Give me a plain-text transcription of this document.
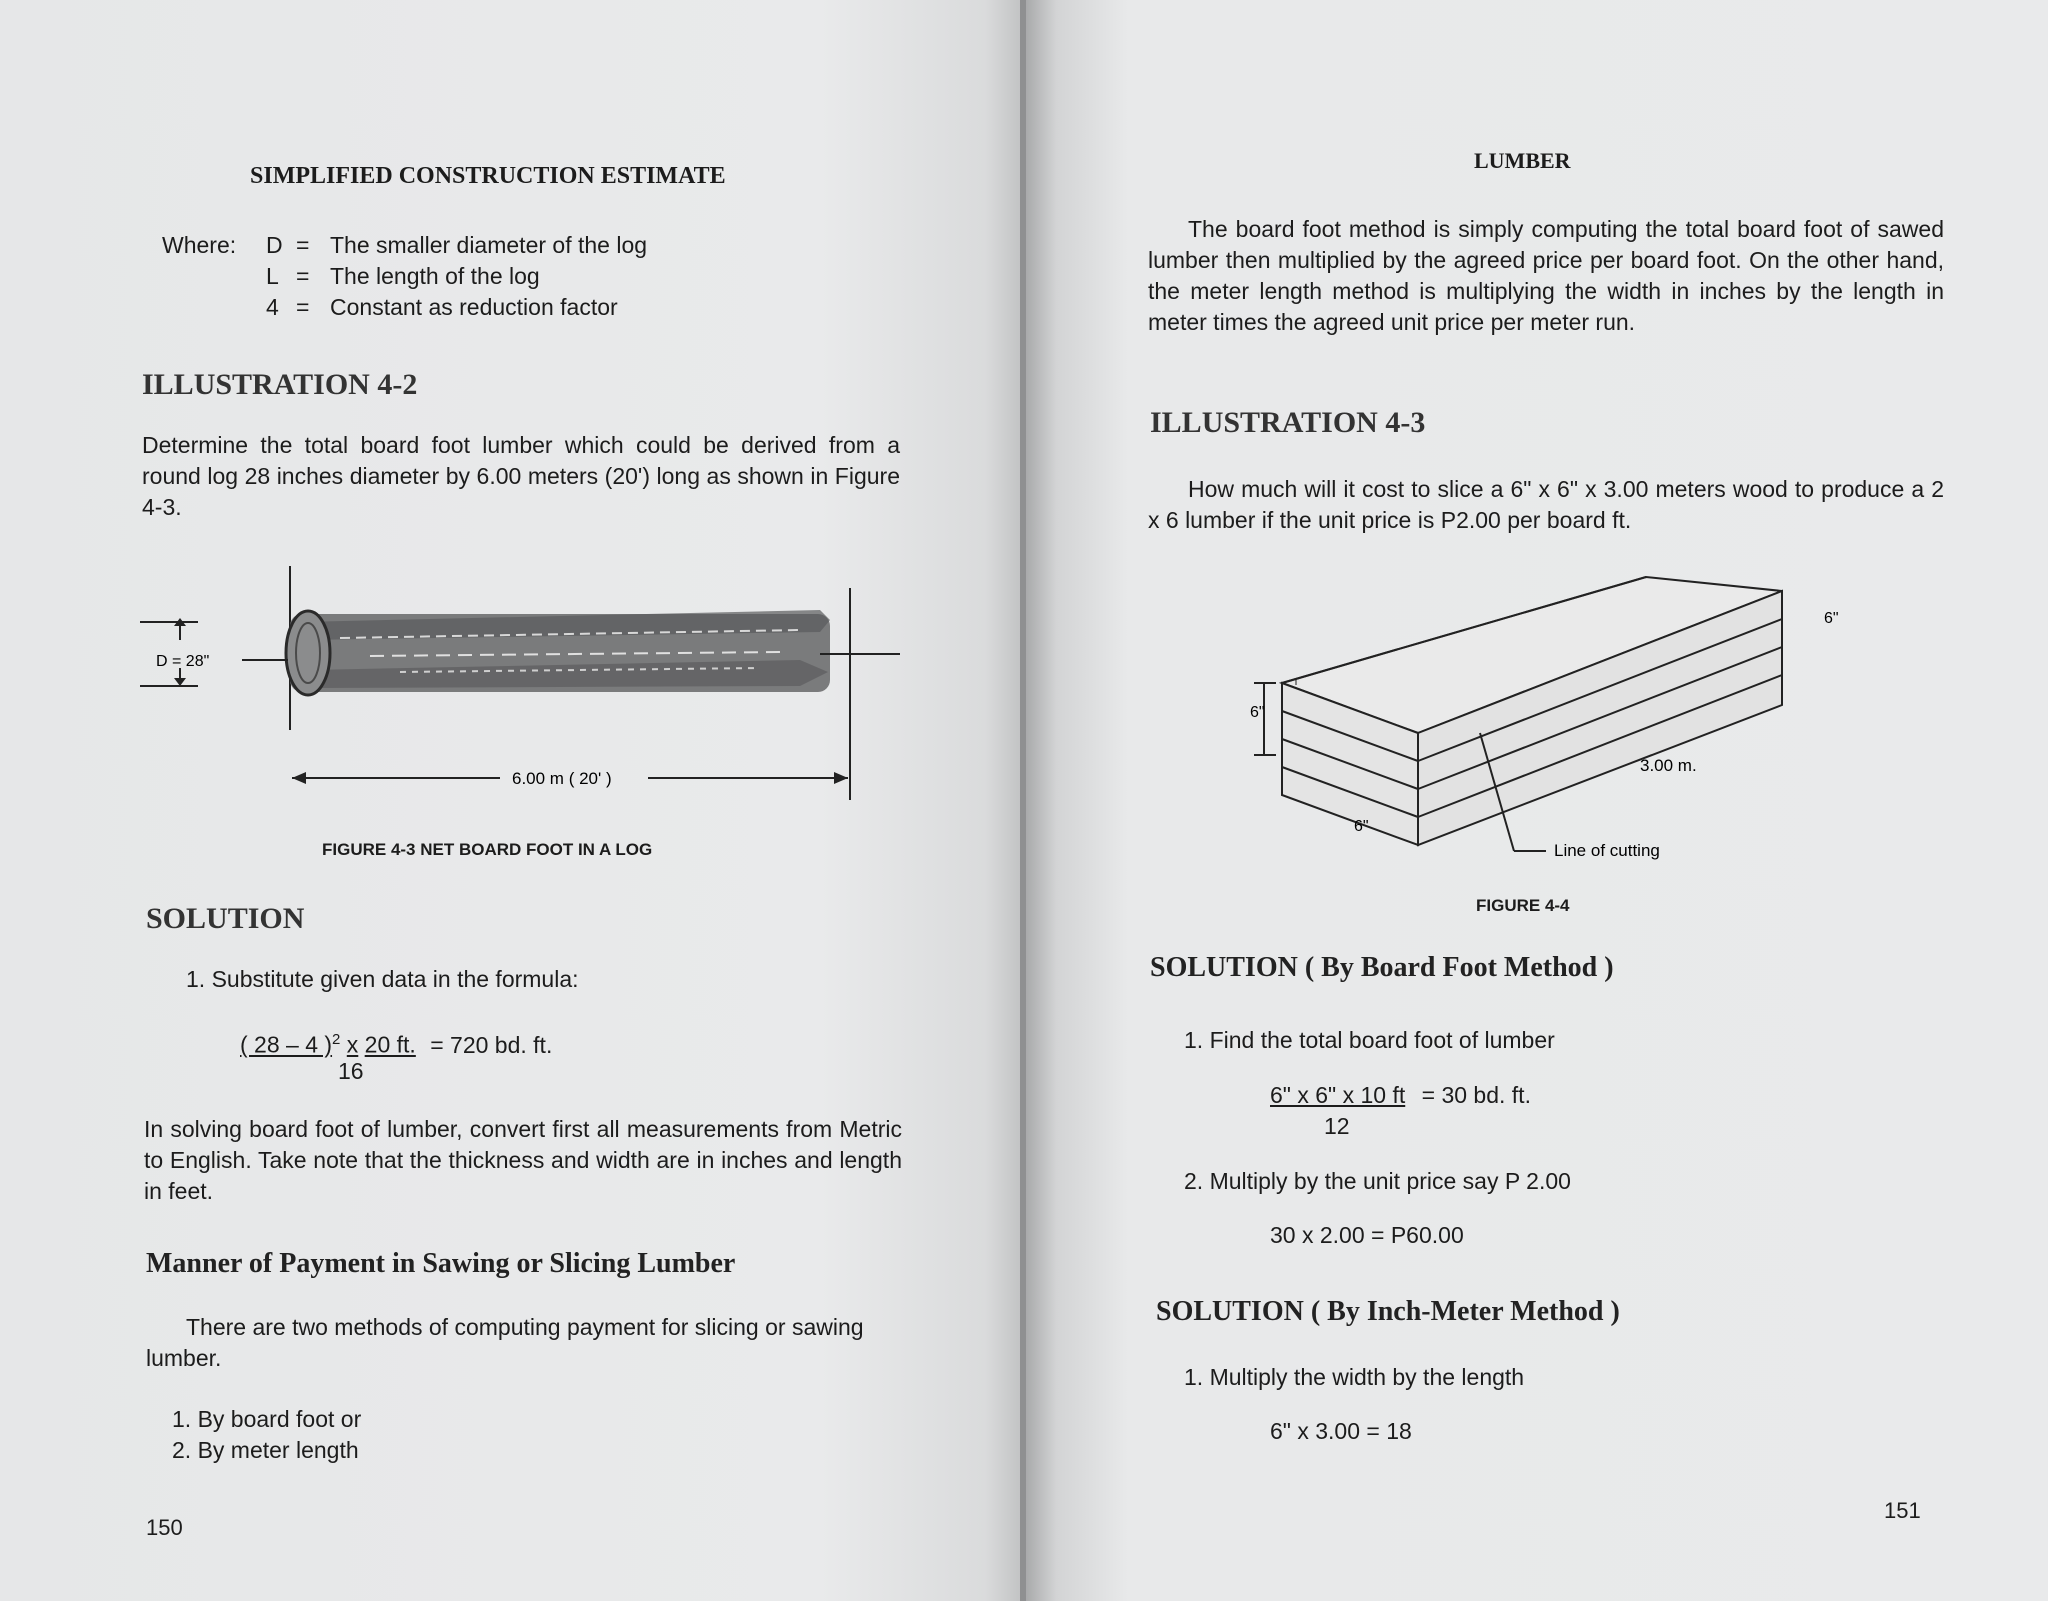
SIMPLIFIED CONSTRUCTION ESTIMATE
Where: D = The smaller diameter of the log
L = The length of the log
4 = Constant as reduction factor
ILLUSTRATION 4-2
Determine the total board foot lumber which could be derived from a round log 28 inches diameter by 6.00 meters (20') long as shown in Figure 4-3.
D = 28"
6.00 m ( 20' )
FIGURE 4-3 NET BOARD FOOT IN A LOG
SOLUTION
1. Substitute given data in the formula:
( 28 – 4 )$^2$ x 20 ft. = 720 bd. ft.
16
In solving board foot of lumber, convert first all measurements from Metric to English. Take note that the thickness and width are in inches and length in feet.
Manner of Payment in Sawing or Slicing Lumber
There are two methods of computing payment for slicing or sawing lumber.
1. By board foot or
2. By meter length
150
LUMBER
The board foot method is simply computing the total board foot of sawed lumber then multiplied by the agreed price per board foot. On the other hand, the meter length method is multiplying the width in inches by the length in meter times the agreed unit price per meter run.
ILLUSTRATION 4-3
How much will it cost to slice a 6" x 6" x 3.00 meters wood to produce a 2 x 6 lumber if the unit price is P2.00 per board ft.
6"
6"
3.00 m.
6"
Line of cutting
FIGURE 4-4
SOLUTION ( By Board Foot Method )
1. Find the total board foot of lumber
6" x 6" x 10 ft = 30 bd. ft.
12
2. Multiply by the unit price say P 2.00
30 x 2.00 = P60.00
SOLUTION ( By Inch-Meter Method )
1. Multiply the width by the length
6" x 3.00 = 18
151
